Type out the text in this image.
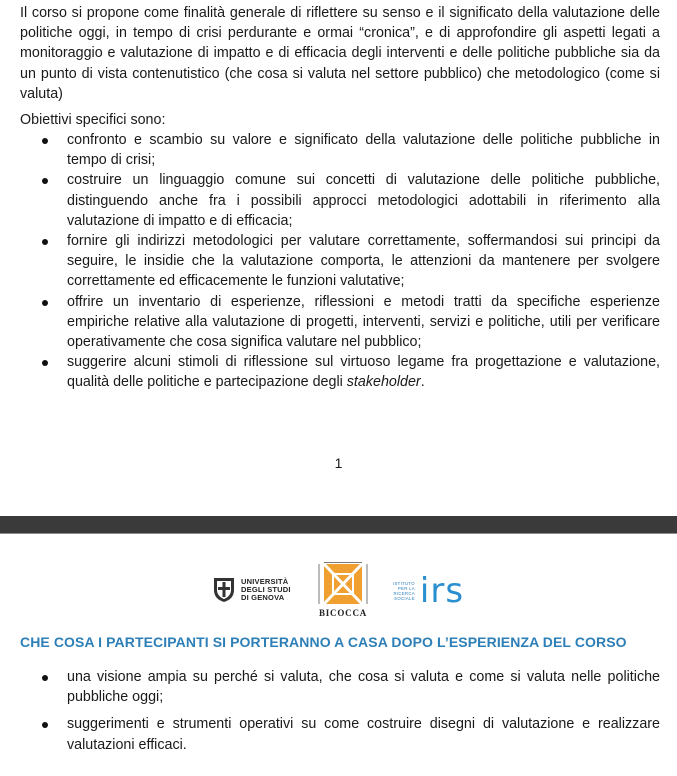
Il corso si propone come finalità generale di riflettere su senso e il significato della valutazione delle politiche oggi, in tempo di crisi perdurante e ormai “cronica”, e di approfondire gli aspetti legati a monitoraggio e valutazione di impatto e di efficacia degli interventi e delle politiche pubbliche sia da un punto di vista contenutistico (che cosa si valuta nel settore pubblico) che metodologico (come si valuta)

Obiettivi specifici sono:

confronto e scambio su valore e significato della valutazione delle politiche pubbliche in tempo di crisi;
costruire un linguaggio comune sui concetti di valutazione delle politiche pubbliche, distinguendo anche fra i possibili approcci metodologici adottabili in riferimento alla valutazione di impatto e di efficacia;
fornire gli indirizzi metodologici per valutare correttamente, soffermandosi sui principi da seguire, le insidie che la valutazione comporta, le attenzioni da mantenere per svolgere correttamente ed efficacemente le funzioni valutative;
offrire un inventario di esperienze, riflessioni e metodi tratti da specifiche esperienze empiriche relative alla valutazione di progetti, interventi, servizi e politiche, utili per verificare operativamente che cosa significa valutare nel pubblico;
suggerire alcuni stimoli di riflessione sul virtuoso legame fra progettazione e valutazione, qualità delle politiche e partecipazione degli stakeholder.
1
UNIVERSITÀ
DEGLI STUDI
DI GENOVA
BICOCCA
ISTITUTO
PER LA
RICERCA
SOCIALE irs
CHE COSA I PARTECIPANTI SI PORTERANNO A CASA DOPO L’ESPERIENZA DEL CORSO
una visione ampia su perché si valuta, che cosa si valuta e come si valuta nelle politiche pubbliche oggi;
suggerimenti e strumenti operativi su come costruire disegni di valutazione e realizzare valutazioni efficaci.
